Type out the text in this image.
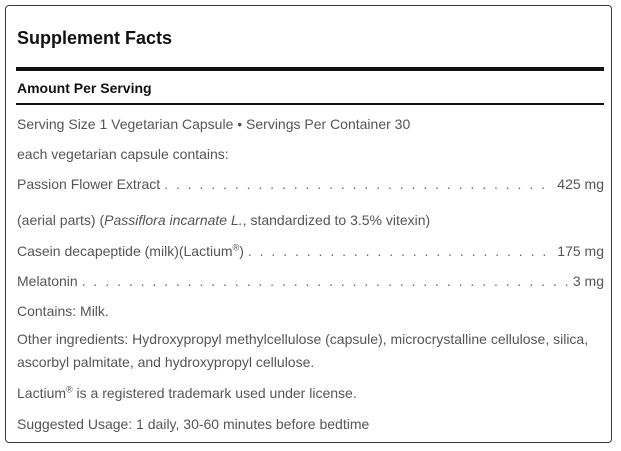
Supplement Facts
Amount Per Serving
Serving Size 1 Vegetarian Capsule • Servings Per Container 30
each vegetarian capsule contains:
Passion Flower Extract . . .	425 mg
(aerial parts) (Passiflora incarnate L., standardized to 3.5% vitexin)
Casein decapeptide (milk)(Lactium®) . . .	175 mg
Melatonin . . .	3 mg
Contains: Milk.
Other ingredients: Hydroxypropyl methylcellulose (capsule), microcrystalline cellulose, silica, ascorbyl palmitate, and hydroxypropyl cellulose.
Lactium® is a registered trademark used under license.
Suggested Usage: 1 daily, 30-60 minutes before bedtime
